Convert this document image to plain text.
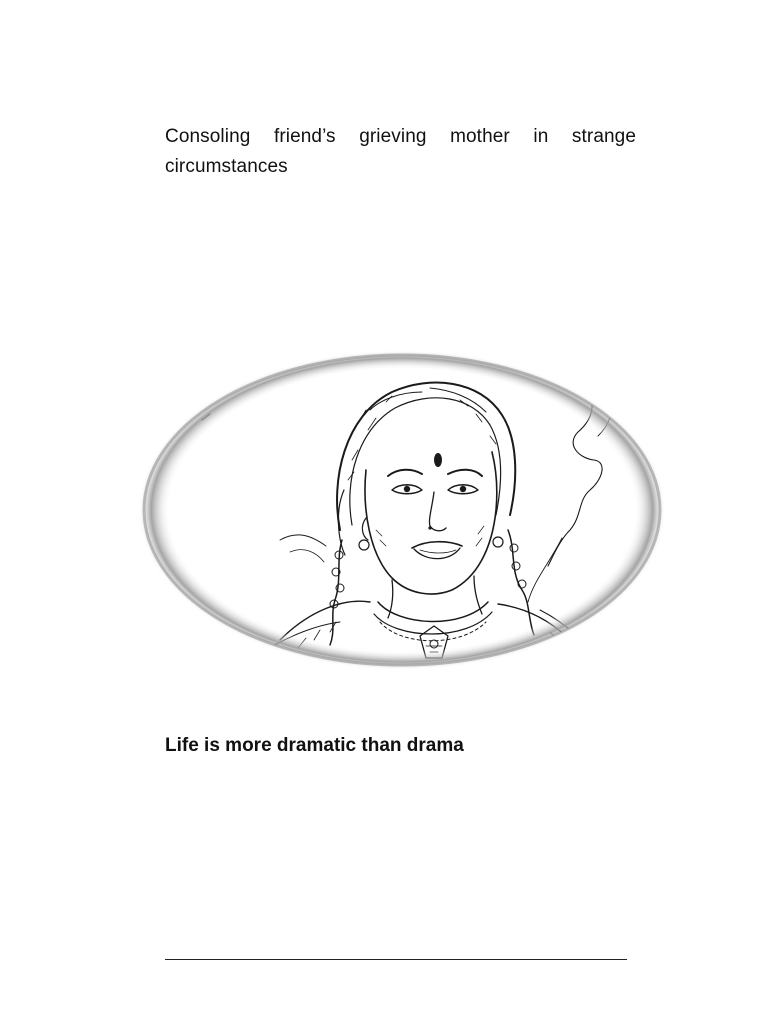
Consoling friend’s grieving mother in strange circumstances

Life is more dramatic than drama
